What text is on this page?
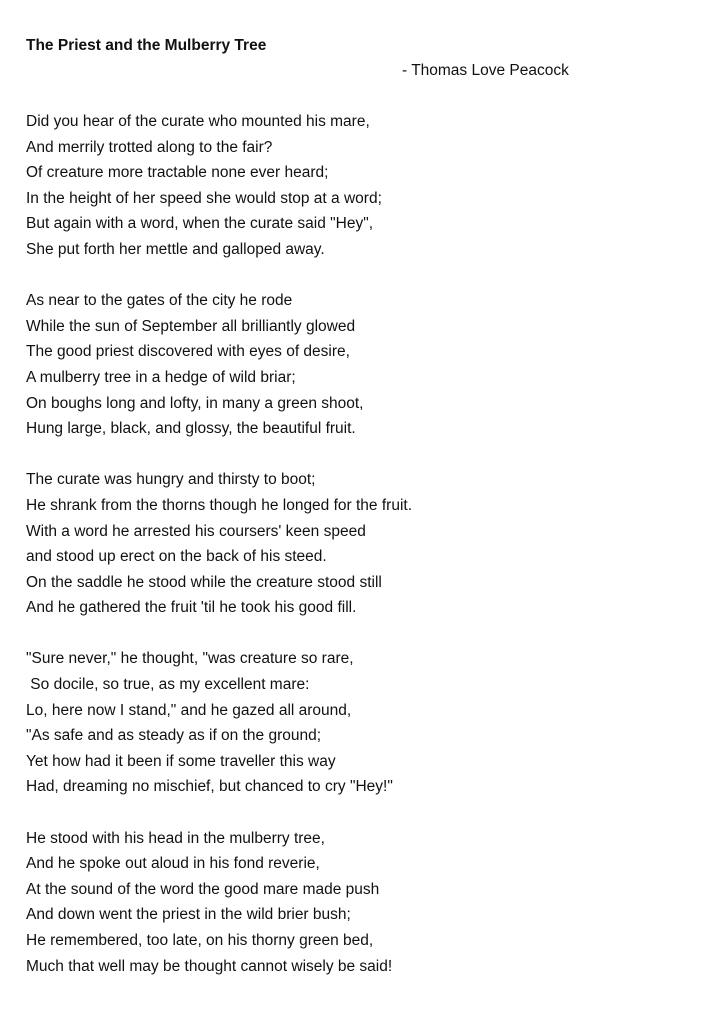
The Priest and the Mulberry Tree
- Thomas Love Peacock
Did you hear of the curate who mounted his mare,
And merrily trotted along to the fair?
Of creature more tractable none ever heard;
In the height of her speed she would stop at a word;
But again with a word, when the curate said "Hey",
She put forth her mettle and galloped away.
As near to the gates of the city he rode
While the sun of September all brilliantly glowed
The good priest discovered with eyes of desire,
A mulberry tree in a hedge of wild briar;
On boughs long and lofty, in many a green shoot,
Hung large, black, and glossy, the beautiful fruit.
The curate was hungry and thirsty to boot;
He shrank from the thorns though he longed for the fruit.
With a word he arrested his coursers' keen speed
and stood up erect on the back of his steed.
On the saddle he stood while the creature stood still
And he gathered the fruit 'til he took his good fill.
"Sure never," he thought, "was creature so rare,
So docile, so true, as my excellent mare:
Lo, here now I stand," and he gazed all around,
"As safe and as steady as if on the ground;
Yet how had it been if some traveller this way
Had, dreaming no mischief, but chanced to cry "Hey!"
He stood with his head in the mulberry tree,
And he spoke out aloud in his fond reverie,
At the sound of the word the good mare made push
And down went the priest in the wild brier bush;
He remembered, too late, on his thorny green bed,
Much that well may be thought cannot wisely be said!
